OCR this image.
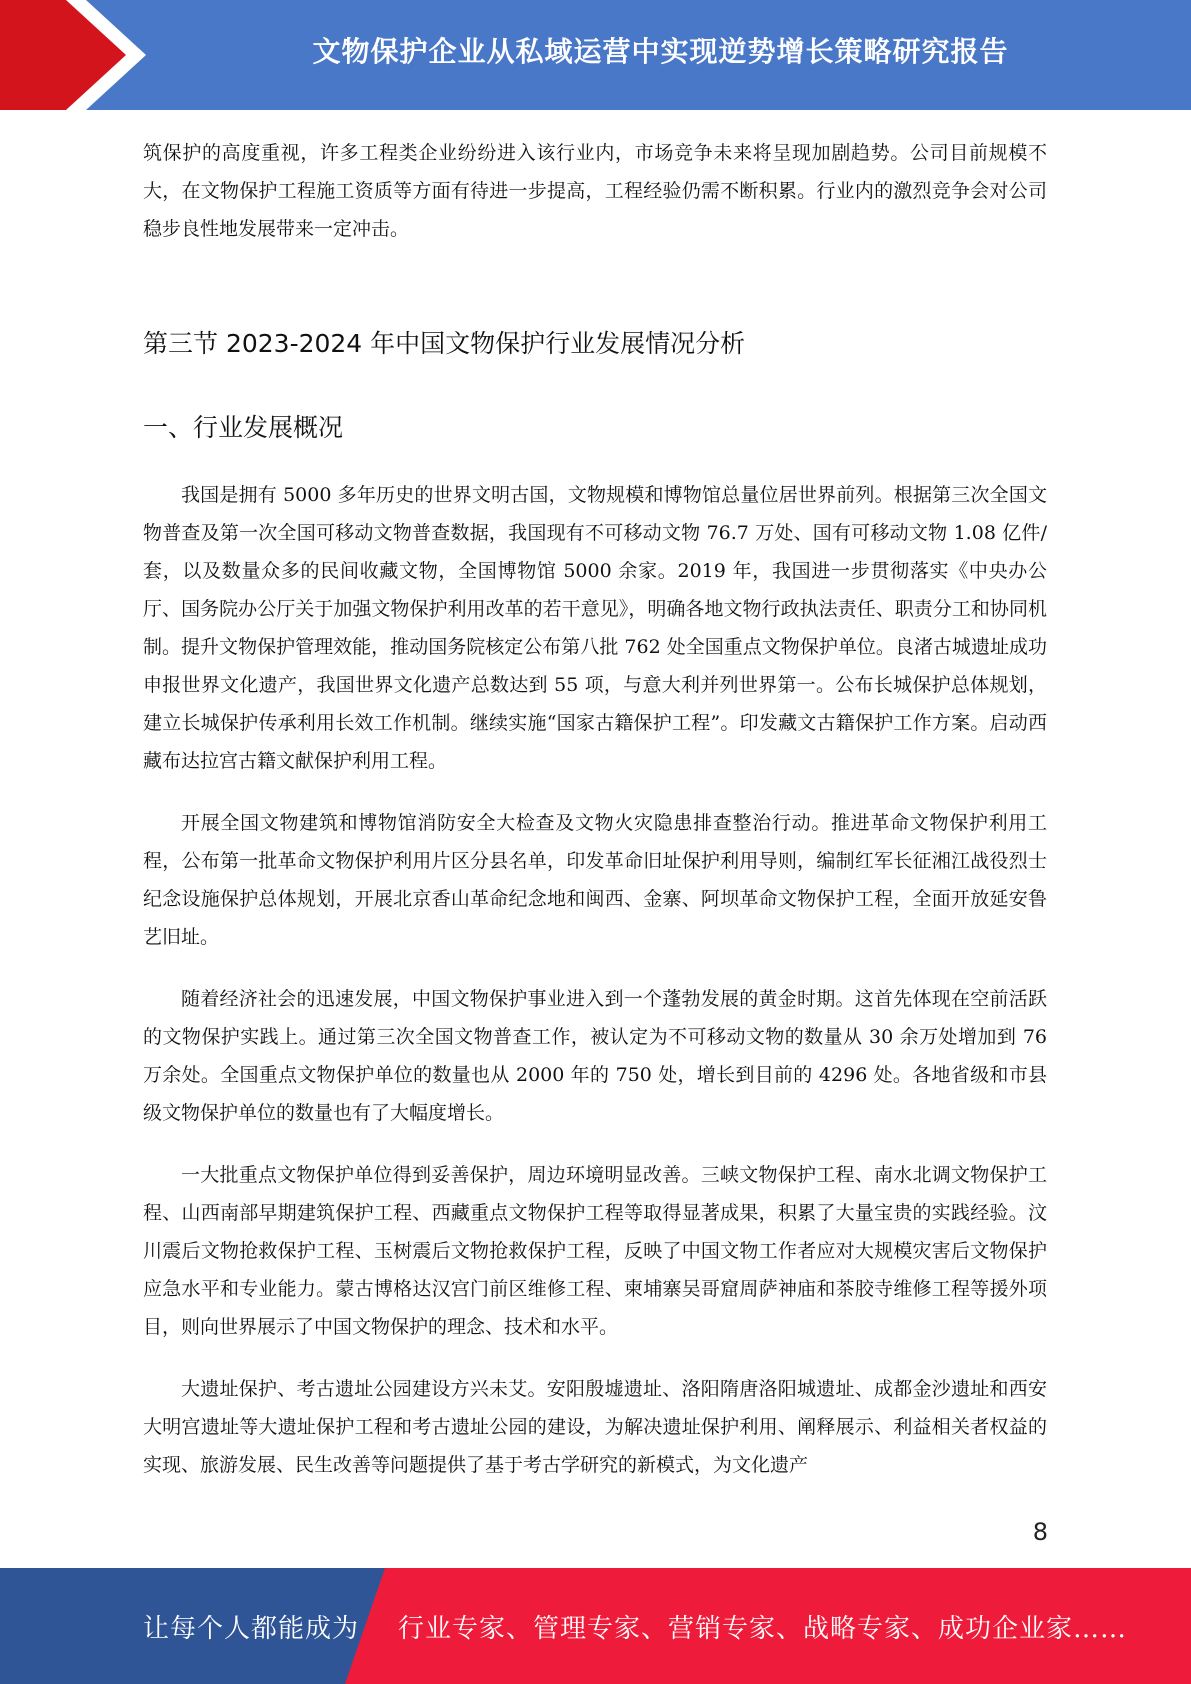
文物保护企业从私域运营中实现逆势增长策略研究报告

筑保护的高度重视，许多工程类企业纷纷进入该行业内，市场竞争未来将呈现加剧趋势。公司目前规模不大，在文物保护工程施工资质等方面有待进一步提高，工程经验仍需不断积累。行业内的激烈竞争会对公司稳步良性地发展带来一定冲击。

第三节 2023-2024 年中国文物保护行业发展情况分析
一、行业发展概况

我国是拥有 5000 多年历史的世界文明古国，文物规模和博物馆总量位居世界前列。根据第三次全国文物普查及第一次全国可移动文物普查数据，我国现有不可移动文物 76.7 万处、国有可移动文物 1.08 亿件/套，以及数量众多的民间收藏文物，全国博物馆 5000 余家。2019 年，我国进一步贯彻落实《中央办公厅、国务院办公厅关于加强文物保护利用改革的若干意见》，明确各地文物行政执法责任、职责分工和协同机制。提升文物保护管理效能，推动国务院核定公布第八批 762 处全国重点文物保护单位。良渚古城遗址成功申报世界文化遗产，我国世界文化遗产总数达到 55 项，与意大利并列世界第一。公布长城保护总体规划，建立长城保护传承利用长效工作机制。继续实施“国家古籍保护工程”。印发藏文古籍保护工作方案。启动西藏布达拉宫古籍文献保护利用工程。

开展全国文物建筑和博物馆消防安全大检查及文物火灾隐患排查整治行动。推进革命文物保护利用工程，公布第一批革命文物保护利用片区分县名单，印发革命旧址保护利用导则，编制红军长征湘江战役烈士纪念设施保护总体规划，开展北京香山革命纪念地和闽西、金寨、阿坝革命文物保护工程，全面开放延安鲁艺旧址。

随着经济社会的迅速发展，中国文物保护事业进入到一个蓬勃发展的黄金时期。这首先体现在空前活跃的文物保护实践上。通过第三次全国文物普查工作，被认定为不可移动文物的数量从 30 余万处增加到 76 万余处。全国重点文物保护单位的数量也从 2000 年的 750 处，增长到目前的 4296 处。各地省级和市县级文物保护单位的数量也有了大幅度增长。

一大批重点文物保护单位得到妥善保护，周边环境明显改善。三峡文物保护工程、南水北调文物保护工程、山西南部早期建筑保护工程、西藏重点文物保护工程等取得显著成果，积累了大量宝贵的实践经验。汶川震后文物抢救保护工程、玉树震后文物抢救保护工程，反映了中国文物工作者应对大规模灾害后文物保护应急水平和专业能力。蒙古博格达汉宫门前区维修工程、柬埔寨吴哥窟周萨神庙和茶胶寺维修工程等援外项目，则向世界展示了中国文物保护的理念、技术和水平。

大遗址保护、考古遗址公园建设方兴未艾。安阳殷墟遗址、洛阳隋唐洛阳城遗址、成都金沙遗址和西安大明宫遗址等大遗址保护工程和考古遗址公园的建设，为解决遗址保护利用、阐释展示、利益相关者权益的实现、旅游发展、民生改善等问题提供了基于考古学研究的新模式，为文化遗产

8
让每个人都能成为 行业专家、管理专家、营销专家、战略专家、成功企业家……
